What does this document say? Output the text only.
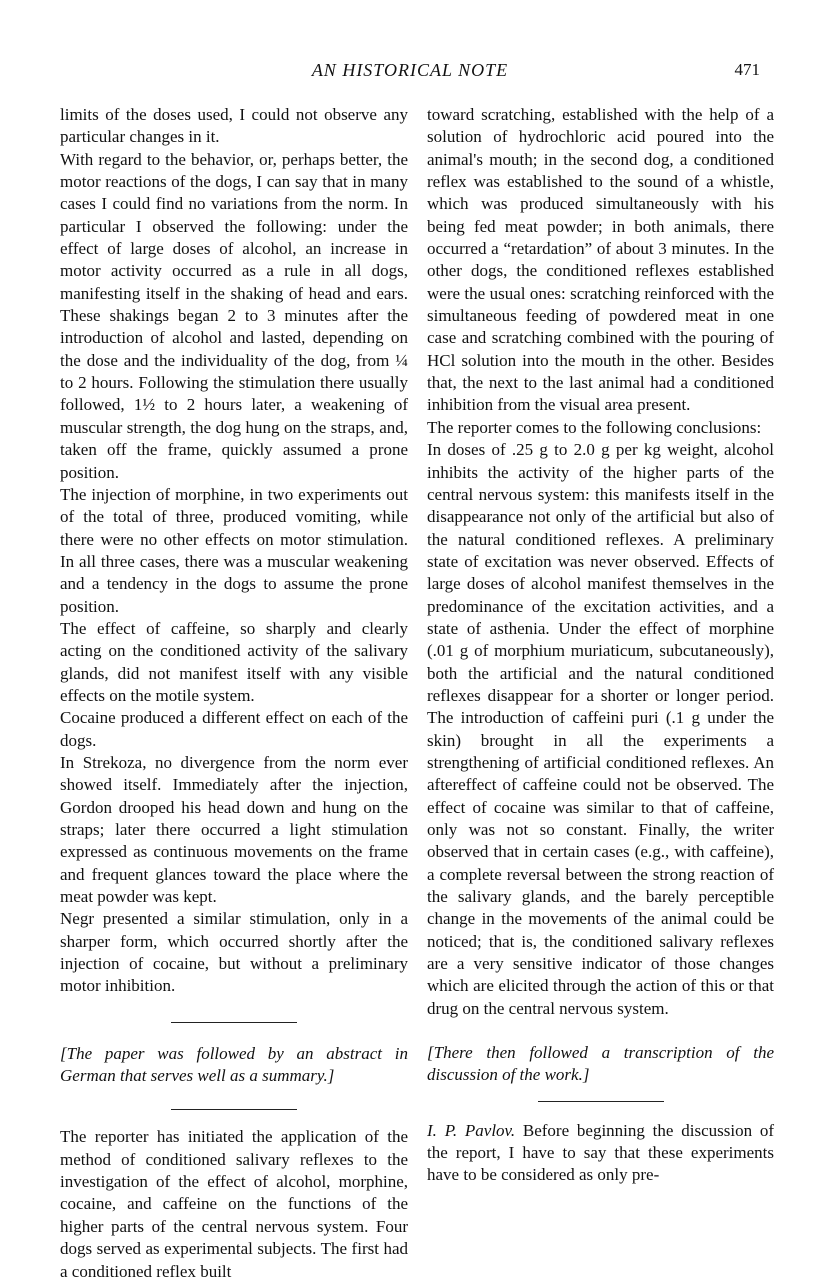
AN HISTORICAL NOTE	471

limits of the doses used, I could not observe any particular changes in it.

With regard to the behavior, or, perhaps better, the motor reactions of the dogs, I can say that in many cases I could find no variations from the norm. In particular I observed the following: under the effect of large doses of alcohol, an increase in motor activity occurred as a rule in all dogs, manifesting itself in the shaking of head and ears. These shakings began 2 to 3 minutes after the introduction of alcohol and lasted, depending on the dose and the individuality of the dog, from ¼ to 2 hours. Following the stimulation there usually followed, 1½ to 2 hours later, a weakening of muscular strength, the dog hung on the straps, and, taken off the frame, quickly assumed a prone position.

The injection of morphine, in two experiments out of the total of three, produced vomiting, while there were no other effects on motor stimulation. In all three cases, there was a muscular weakening and a tendency in the dogs to assume the prone position.

The effect of caffeine, so sharply and clearly acting on the conditioned activity of the salivary glands, did not manifest itself with any visible effects on the motile system.

Cocaine produced a different effect on each of the dogs.

In Strekoza, no divergence from the norm ever showed itself. Immediately after the injection, Gordon drooped his head down and hung on the straps; later there occurred a light stimulation expressed as continuous movements on the frame and frequent glances toward the place where the meat powder was kept.

Negr presented a similar stimulation, only in a sharper form, which occurred shortly after the injection of cocaine, but without a preliminary motor inhibition.

[The paper was followed by an abstract in German that serves well as a summary.]

The reporter has initiated the application of the method of conditioned salivary reflexes to the investigation of the effect of alcohol, morphine, cocaine, and caffeine on the functions of the higher parts of the central nervous system. Four dogs served as experimental subjects. The first had a conditioned reflex built

toward scratching, established with the help of a solution of hydrochloric acid poured into the animal's mouth; in the second dog, a conditioned reflex was established to the sound of a whistle, which was produced simultaneously with his being fed meat powder; in both animals, there occurred a “retardation” of about 3 minutes. In the other dogs, the conditioned reflexes established were the usual ones: scratching reinforced with the simultaneous feeding of powdered meat in one case and scratching combined with the pouring of HCl solution into the mouth in the other. Besides that, the next to the last animal had a conditioned inhibition from the visual area present.

The reporter comes to the following conclusions:

In doses of .25 g to 2.0 g per kg weight, alcohol inhibits the activity of the higher parts of the central nervous system: this manifests itself in the disappearance not only of the artificial but also of the natural conditioned reflexes. A preliminary state of excitation was never observed. Effects of large doses of alcohol manifest themselves in the predominance of the excitation activities, and a state of asthenia. Under the effect of morphine (.01 g of morphium muriaticum, subcutaneously), both the artificial and the natural conditioned reflexes disappear for a shorter or longer period. The introduction of caffeini puri (.1 g under the skin) brought in all the experiments a strengthening of artificial conditioned reflexes. An aftereffect of caffeine could not be observed. The effect of cocaine was similar to that of caffeine, only was not so constant. Finally, the writer observed that in certain cases (e.g., with caffeine), a complete reversal between the strong reaction of the salivary glands, and the barely perceptible change in the movements of the animal could be noticed; that is, the conditioned salivary reflexes are a very sensitive indicator of those changes which are elicited through the action of this or that drug on the central nervous system.

[There then followed a transcription of the discussion of the work.]

I. P. Pavlov. Before beginning the discussion of the report, I have to say that these experiments have to be considered as only pre-
